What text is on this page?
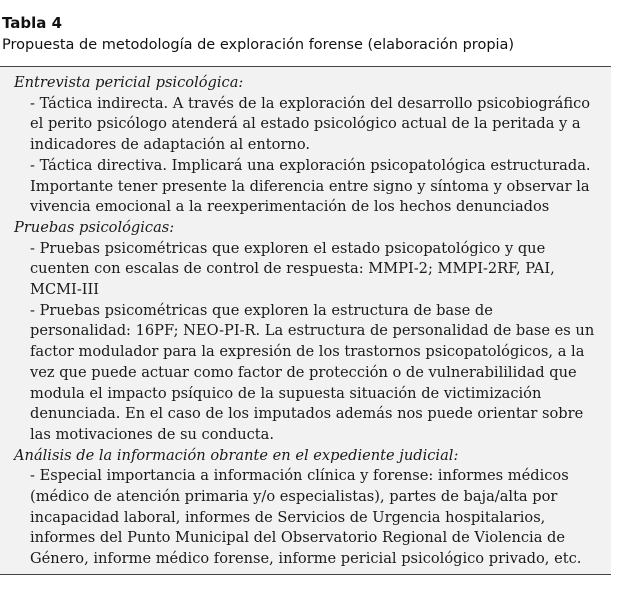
Tabla 4
Propuesta de metodología de exploración forense (elaboración propia)
Entrevista pericial psicológica:
- Táctica indirecta. A través de la exploración del desarrollo psicobiográfico
el perito psicólogo atenderá al estado psicológico actual de la peritada y a
indicadores de adaptación al entorno.
- Táctica directiva. Implicará una exploración psicopatológica estructurada.
Importante tener presente la diferencia entre signo y síntoma y observar la
vivencia emocional a la reexperimentación de los hechos denunciados
Pruebas psicológicas:
- Pruebas psicométricas que exploren el estado psicopatológico y que
cuenten con escalas de control de respuesta: MMPI-2; MMPI-2RF, PAI,
MCMI-III
- Pruebas psicométricas que exploren la estructura de base de
personalidad: 16PF; NEO-PI-R. La estructura de personalidad de base es un
factor modulador para la expresión de los trastornos psicopatológicos, a la
vez que puede actuar como factor de protección o de vulnerabililidad que
modula el impacto psíquico de la supuesta situación de victimización
denunciada. En el caso de los imputados además nos puede orientar sobre
las motivaciones de su conducta.
Análisis de la información obrante en el expediente judicial:
- Especial importancia a información clínica y forense: informes médicos
(médico de atención primaria y/o especialistas), partes de baja/alta por
incapacidad laboral, informes de Servicios de Urgencia hospitalarios,
informes del Punto Municipal del Observatorio Regional de Violencia de
Género, informe médico forense, informe pericial psicológico privado, etc.
